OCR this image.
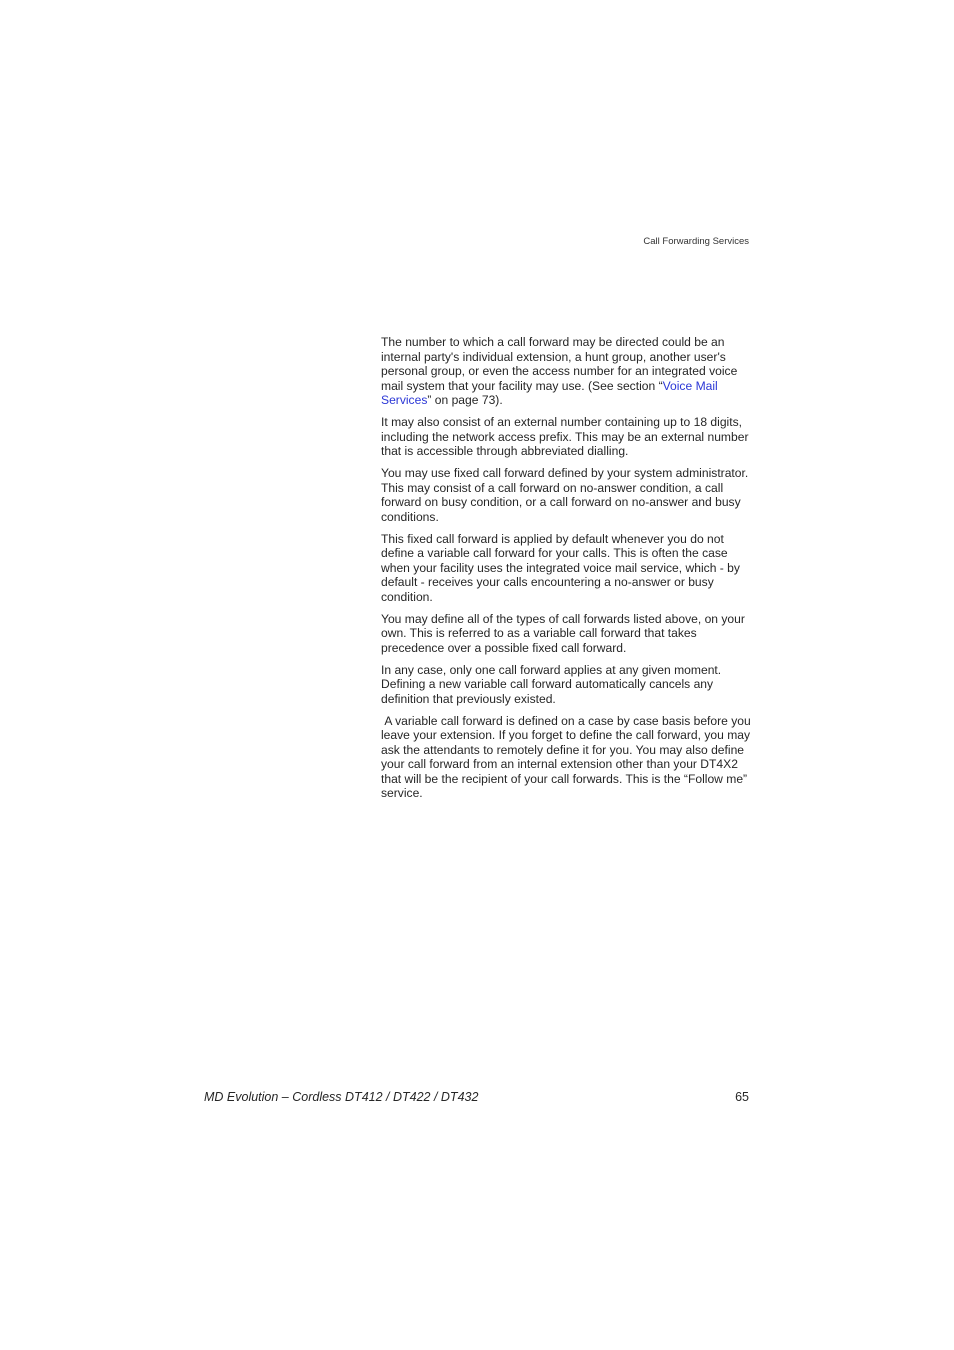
Call Forwarding Services

The number to which a call forward may be directed could be an internal party's individual extension, a hunt group, another user's personal group, or even the access number for an integrated voice mail system that your facility may use. (See section “Voice Mail Services” on page 73).

It may also consist of an external number containing up to 18 digits, including the network access prefix. This may be an external number that is accessible through abbreviated dialling.

You may use fixed call forward defined by your system administrator. This may consist of a call forward on no-answer condition, a call forward on busy condition, or a call forward on no-answer and busy conditions.

This fixed call forward is applied by default whenever you do not define a variable call forward for your calls. This is often the case when your facility uses the integrated voice mail service, which - by default - receives your calls encountering a no-answer or busy condition.

You may define all of the types of call forwards listed above, on your own. This is referred to as a variable call forward that takes precedence over a possible fixed call forward.

In any case, only one call forward applies at any given moment. Defining a new variable call forward automatically cancels any definition that previously existed.

A variable call forward is defined on a case by case basis before you leave your extension. If you forget to define the call forward, you may ask the attendants to remotely define it for you. You may also define your call forward from an internal extension other than your DT4X2 that will be the recipient of your call forwards. This is the “Follow me” service.

MD Evolution – Cordless DT412 / DT422 / DT432	65
